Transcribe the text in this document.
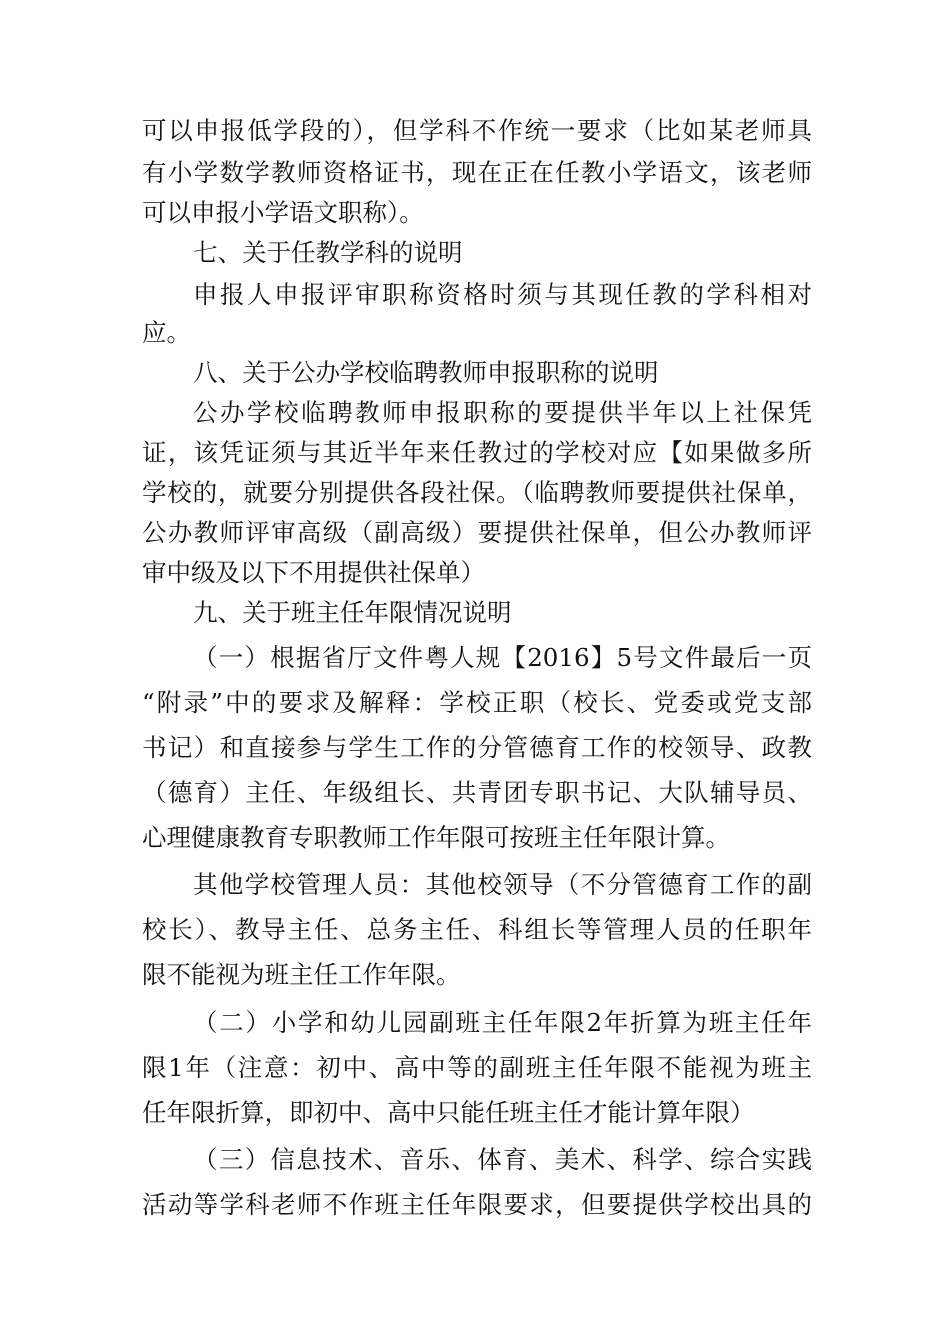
可以申报低学段的），但学科不作统一要求（比如某老师具
有小学数学教师资格证书，现在正在任教小学语文，该老师
可以申报小学语文职称）。
七、关于任教学科的说明
申报人申报评审职称资格时须与其现任教的学科相对
应。
八、关于公办学校临聘教师申报职称的说明
公办学校临聘教师申报职称的要提供半年以上社保凭
证，该凭证须与其近半年来任教过的学校对应【如果做多所
学校的，就要分别提供各段社保。（临聘教师要提供社保单，
公办教师评审高级（副高级）要提供社保单，但公办教师评
审中级及以下不用提供社保单）
九、关于班主任年限情况说明
（一）根据省厅文件粤人规【2016】5号文件最后一页
“附录”中的要求及解释：学校正职（校长、党委或党支部
书记）和直接参与学生工作的分管德育工作的校领导、政教
（德育）主任、年级组长、共青团专职书记、大队辅导员、
心理健康教育专职教师工作年限可按班主任年限计算。
其他学校管理人员：其他校领导（不分管德育工作的副
校长）、教导主任、总务主任、科组长等管理人员的任职年
限不能视为班主任工作年限。
（二）小学和幼儿园副班主任年限2年折算为班主任年
限1年（注意：初中、高中等的副班主任年限不能视为班主
任年限折算，即初中、高中只能任班主任才能计算年限）
（三）信息技术、音乐、体育、美术、科学、综合实践
活动等学科老师不作班主任年限要求，但要提供学校出具的
